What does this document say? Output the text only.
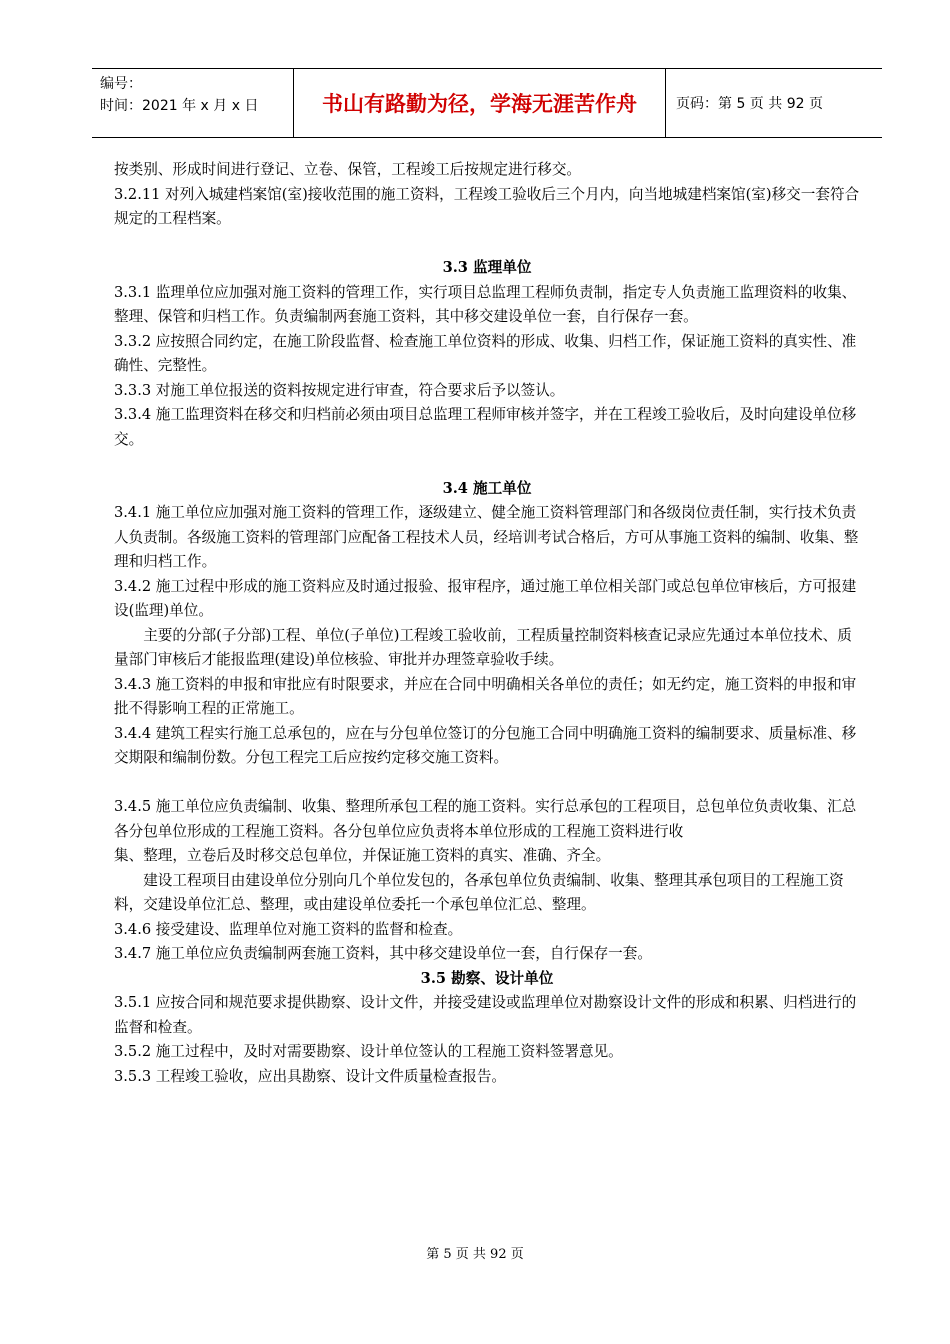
编号：
时间：2021 年 x 月 x 日	书山有路勤为径，学海无涯苦作舟	页码：第 5 页 共 92 页

按类别、形成时间进行登记、立卷、保管，工程竣工后按规定进行移交。

3.2.11 对列入城建档案馆(室)接收范围的施工资料，工程竣工验收后三个月内，向当地城建档案馆(室)移交一套符合规定的工程档案。

3.3 监理单位

3.3.1 监理单位应加强对施工资料的管理工作，实行项目总监理工程师负责制，指定专人负责施工监理资料的收集、整理、保管和归档工作。负责编制两套施工资料，其中移交建设单位一套，自行保存一套。

3.3.2 应按照合同约定，在施工阶段监督、检查施工单位资料的形成、收集、归档工作，保证施工资料的真实性、准确性、完整性。

3.3.3 对施工单位报送的资料按规定进行审查，符合要求后予以签认。

3.3.4 施工监理资料在移交和归档前必须由项目总监理工程师审核并签字，并在工程竣工验收后，及时向建设单位移交。

3.4 施工单位

3.4.1 施工单位应加强对施工资料的管理工作，逐级建立、健全施工资料管理部门和各级岗位责任制，实行技术负责人负责制。各级施工资料的管理部门应配备工程技术人员，经培训考试合格后，方可从事施工资料的编制、收集、整理和归档工作。

3.4.2 施工过程中形成的施工资料应及时通过报验、报审程序，通过施工单位相关部门或总包单位审核后，方可报建设(监理)单位。

主要的分部(子分部)工程、单位(子单位)工程竣工验收前，工程质量控制资料核查记录应先通过本单位技术、质量部门审核后才能报监理(建设)单位核验、审批并办理签章验收手续。

3.4.3 施工资料的申报和审批应有时限要求，并应在合同中明确相关各单位的责任；如无约定，施工资料的申报和审批不得影响工程的正常施工。

3.4.4 建筑工程实行施工总承包的，应在与分包单位签订的分包施工合同中明确施工资料的编制要求、质量标准、移交期限和编制份数。分包工程完工后应按约定移交施工资料。

3.4.5 施工单位应负责编制、收集、整理所承包工程的施工资料。实行总承包的工程项目，总包单位负责收集、汇总各分包单位形成的工程施工资料。各分包单位应负责将本单位形成的工程施工资料进行收

集、整理，立卷后及时移交总包单位，并保证施工资料的真实、准确、齐全。

建设工程项目由建设单位分别向几个单位发包的，各承包单位负责编制、收集、整理其承包项目的工程施工资料，交建设单位汇总、整理，或由建设单位委托一个承包单位汇总、整理。

3.4.6 接受建设、监理单位对施工资料的监督和检查。

3.4.7 施工单位应负责编制两套施工资料，其中移交建设单位一套，自行保存一套。

3.5 勘察、设计单位

3.5.1 应按合同和规范要求提供勘察、设计文件，并接受建设或监理单位对勘察设计文件的形成和积累、归档进行的监督和检查。

3.5.2 施工过程中，及时对需要勘察、设计单位签认的工程施工资料签署意见。

3.5.3 工程竣工验收，应出具勘察、设计文件质量检查报告。

第 5 页 共 92 页
